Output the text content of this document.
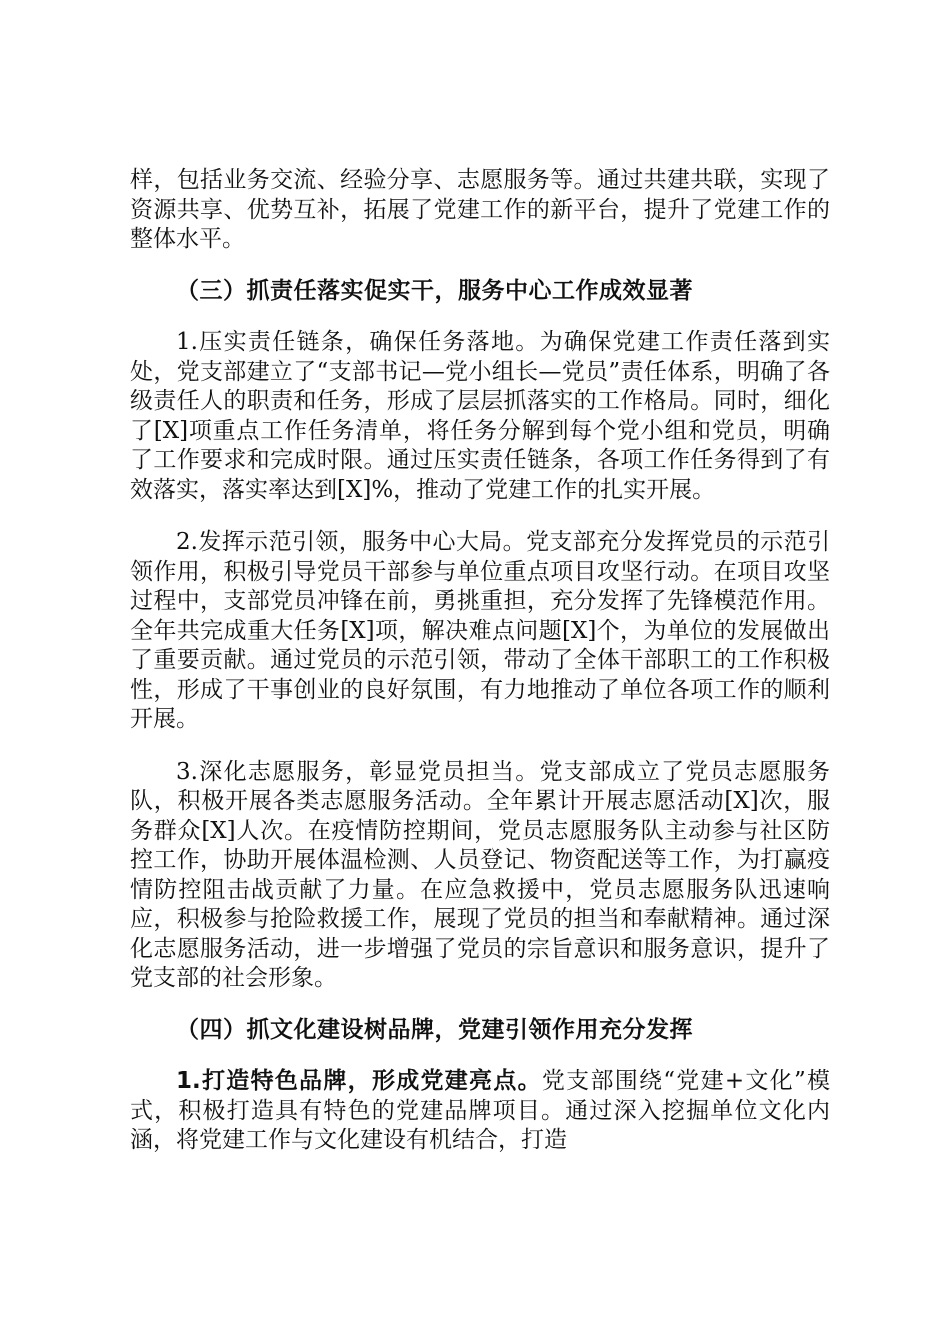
样，包括业务交流、经验分享、志愿服务等。通过共建共联，实现了资源共享、优势互补，拓展了党建工作的新平台，提升了党建工作的整体水平。

（三）抓责任落实促实干，服务中心工作成效显著

1.压实责任链条，确保任务落地。为确保党建工作责任落到实处，党支部建立了“支部书记—党小组长—党员”责任体系，明确了各级责任人的职责和任务，形成了层层抓落实的工作格局。同时，细化了[X]项重点工作任务清单，将任务分解到每个党小组和党员，明确了工作要求和完成时限。通过压实责任链条，各项工作任务得到了有效落实，落实率达到[X]%，推动了党建工作的扎实开展。

2.发挥示范引领，服务中心大局。党支部充分发挥党员的示范引领作用，积极引导党员干部参与单位重点项目攻坚行动。在项目攻坚过程中，支部党员冲锋在前，勇挑重担，充分发挥了先锋模范作用。全年共完成重大任务[X]项，解决难点问题[X]个，为单位的发展做出了重要贡献。通过党员的示范引领，带动了全体干部职工的工作积极性，形成了干事创业的良好氛围，有力地推动了单位各项工作的顺利开展。

3.深化志愿服务，彰显党员担当。党支部成立了党员志愿服务队，积极开展各类志愿服务活动。全年累计开展志愿活动[X]次，服务群众[X]人次。在疫情防控期间，党员志愿服务队主动参与社区防控工作，协助开展体温检测、人员登记、物资配送等工作，为打赢疫情防控阻击战贡献了力量。在应急救援中，党员志愿服务队迅速响应，积极参与抢险救援工作，展现了党员的担当和奉献精神。通过深化志愿服务活动，进一步增强了党员的宗旨意识和服务意识，提升了党支部的社会形象。

（四）抓文化建设树品牌，党建引领作用充分发挥

1.打造特色品牌，形成党建亮点。党支部围绕“党建+文化”模式，积极打造具有特色的党建品牌项目。通过深入挖掘单位文化内涵，将党建工作与文化建设有机结合，打造
